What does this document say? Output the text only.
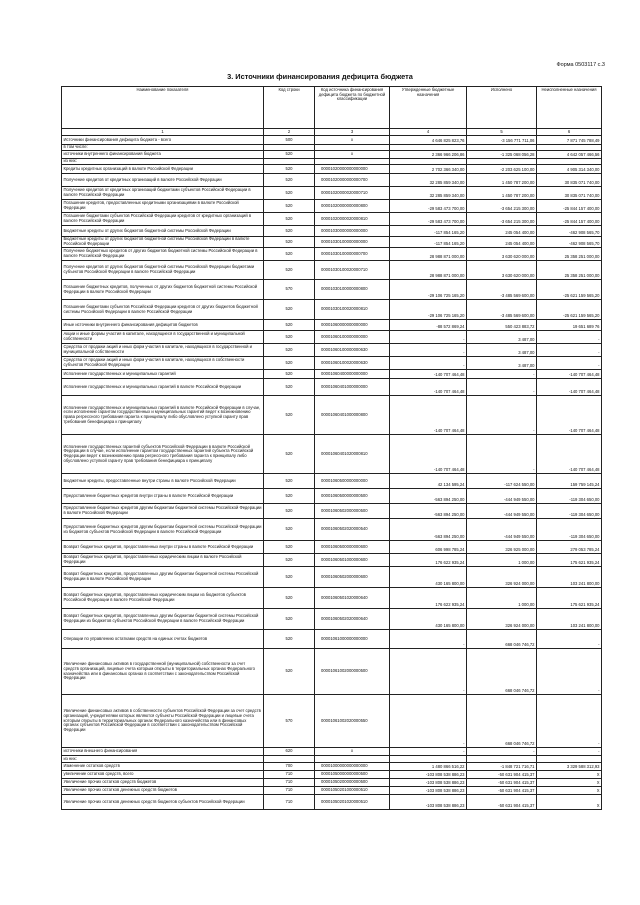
Форма 0503117 с.3
3. Источники финансирования дефицита бюджета
Наименование показателя	Код строки	Код источника финансирования дефицита бюджета по бюджетной классификации	Утвержденные бюджетные назначения	Исполнено	Неисполненные назначения
1	2	3	4	5	6
Источники финансирования дефицита бюджета - всего	500	x	4 646 825 823,76	-3 156 771 711,06	7 871 745 788,49
в том числе:					
источники внутреннего финансирования бюджета	520	x	2 366 966 206,86	-1 325 068 056,28	4 642 057 466,56
из них:					
Кредиты кредитных организаций в валюте Российской Федерации	520	00001020000000000000	2 702 366 340,00	-2 203 625 100,00	4 905 314 340,00
Получение кредитов от кредитных организаций в валюте Российской Федерации	520	00001020000000000700	32 285 859 340,00	1 450 787 200,00	30 835 071 740,00
Получение кредитов от кредитных организаций бюджетами субъектов Российской Федерации в валюте Российской Федерации	520	00001020000020000710	32 285 859 340,00	1 450 787 200,00	30 835 071 740,00
Погашение кредитов, предоставленных кредитными организациями в валюте Российской Федерации	520	00001020000000000800	-29 583 473 700,00	-3 654 215 300,00	-25 844 157 400,00
Погашение бюджетами субъектов Российской Федерации кредитов от кредитных организаций в валюте Российской Федерации	520	00001020000020000810	-29 583 473 700,00	-3 654 215 300,00	-25 844 157 400,00
Бюджетные кредиты от других бюджетов бюджетной системы Российской Федерации	520	00001030000000000000	-117 854 165,20	245 054 400,00	-462 908 565,70
Бюджетные кредиты от других бюджетов бюджетной системы Российской Федерации в валюте Российской Федерации	520	00001030100000000000	-117 854 165,20	245 054 400,00	-462 908 565,70
Получение бюджетных кредитов от других бюджетов бюджетной системы Российской Федерации в валюте Российской Федерации	520	00001030100000000700	28 988 871 000,00	3 630 620 000,00	25 358 251 000,00
Получение кредитов от других бюджетов бюджетной системы Российской Федерации бюджетами субъектов Российской Федерации в валюте Российской Федерации	520	00001030100020000710	28 988 871 000,00	3 630 620 000,00	25 358 251 000,00
Погашение бюджетных кредитов, полученных от других бюджетов бюджетной системы Российской Федерации в валюте Российской Федерации	570	00001030100000000800	-29 106 725 165,20	-3 485 569 600,00	-25 621 159 565,20
Погашение бюджетами субъектов Российской Федерации кредитов от других бюджетов бюджетной системы Российской Федерации в валюте Российской Федерации	520	00001030100020000810	-29 106 725 165,20	-3 485 569 600,00	-25 621 159 565,20
Иные источники внутреннего финансирования дефицитов бюджетов	520	00001060000000000000	-88 572 869,24	550 423 883,72	19 651 689 76
Акции и иные формы участия в капитале, находящиеся в государственной и муниципальной собственности	520	00001060100000000000	-	3 487,00	-
Средства от продажи акций и иных форм участия в капитале, находящихся в государственной и муниципальной собственности	520	00001060100000000630	-	3 487,00	-
Средства от продажи акций и иных форм участия в капитале, находящихся в собственности субъектов Российской Федерации	520	00001060100020000630	-	3 487,00	-
Исполнение государственных и муниципальных гарантий	520	00001060400000000000	-140 707 464,48	-	-140 707 464,48
Исполнение государственных и муниципальных гарантий в валюте Российской Федерации	520	00001060401000000000	-140 707 464,48	-	-140 707 464,48
Исполнение государственных и муниципальных гарантий в валюте Российской Федерации в случае, если исполнение гарантом государственных и муниципальных гарантий ведет к возникновению права регрессного требования гаранта к принципалу либо обусловлено уступкой гаранту прав требования бенефициара к принципалу	520	00001060401000000800	-140 707 464,48	-	-140 707 464,48
Исполнение государственных гарантий субъектов Российской Федерации в валюте Российской Федерации в случае, если исполнение гарантом государственных гарантий субъекта Российской Федерации ведет к возникновению права регрессного требования гаранта к принципалу либо обусловлено уступкой гаранту прав требования бенефициара к принципалу	520	00001060401020000810	-140 707 464,48	-	-140 707 464,48
Бюджетные кредиты, предоставленные внутри страны в валюте Российской Федерации	520	00001060500000000000	42 134 595,24	-117 624 550,00	159 759 145,24
Предоставление бюджетных кредитов внутри страны в валюте Российской Федерации	520	00001060500000000500	-563 894 250,00	-444 949 550,00	-119 304 650,00
Предоставление бюджетных кредитов другим бюджетам бюджетной системы Российской Федерации в валюте Российской Федерации	520	00001060502000000500	-563 894 250,00	-444 949 550,00	-119 304 650,00
Предоставление бюджетных кредитов другим бюджетам бюджетной системы Российской Федерации из бюджетов субъектов Российской Федерации в валюте Российской Федерации	520	00001060502020000540	-563 894 250,00	-444 949 550,00	-119 304 650,00
Возврат бюджетных кредитов, предоставленных внутри страны в валюте Российской Федерации	520	00001060500000000600	606 998 785,24	326 925 000,00	279 053 785,24
Возврат бюджетных кредитов, предоставленных юридическим лицам в валюте Российской Федерации	520	00001060501000000600	176 622 935,24	1 000,00	175 621 935,24
Возврат бюджетных кредитов, предоставленных другим бюджетам бюджетной системы Российской Федерации в валюте Российской Федерации	520	00001060502000000600	430 165 800,00	326 924 000,00	103 241 800,00
Возврат бюджетных кредитов, предоставленных юридическим лицам из бюджетов субъектов Российской Федерации в валюте Российской Федерации	520	00001060501020000640	176 622 935,24	1 000,00	175 621 935,24
Возврат бюджетных кредитов, предоставленных другим бюджетам бюджетной системы Российской Федерации из бюджетов субъектов Российской Федерации в валюте Российской Федерации	520	00001060502020000640	430 165 800,00	326 924 000,00	103 241 800,00
Операции по управлению остатками средств на единых счетах бюджетов	520	00001061000000000000	-	668 046 746,72	-
Увеличение финансовых активов в государственной (муниципальной) собственности за счет средств организаций, лицевые счета которым открыты в территориальных органах Федерального казначейства или в финансовых органах в соответствии с законодательством Российской Федерации	520	00001061002000000500	-	668 046 746,72	-
Увеличение финансовых активов в собственности субъектов Российской Федерации за счет средств организаций, учредителями которых являются субъекты Российской Федерации и лицевые счета которым открыты в территориальных органах Федерального казначейства или в финансовых органах субъектов Российской Федерации в соответствии с законодательством Российской Федерации	570	00001061002020000550	-	668 046 746,72	-
источники внешнего финансирования	620	x	-	-	-
из них:					
Изменение остатков средств	700	00001000000000000000	1 480 866 516,22	-1 848 721 716,71	3 329 588 312,93
увеличение остатков средств, всего	710	00001050000000000500	-103 808 538 886,23	-50 631 904 415,37	X
Увеличение прочих остатков средств бюджетов	710	00001050200000000500	-103 808 538 886,23	-50 631 904 415,37	X
Увеличение прочих остатков денежных средств бюджетов	710	00001050201000000510	-103 808 538 886,23	-50 631 904 415,37	X
Увеличение прочих остатков денежных средств бюджетов субъектов Российской Федерации	710	00001050201020000510	-103 808 538 886,23	-50 631 904 415,37	X
